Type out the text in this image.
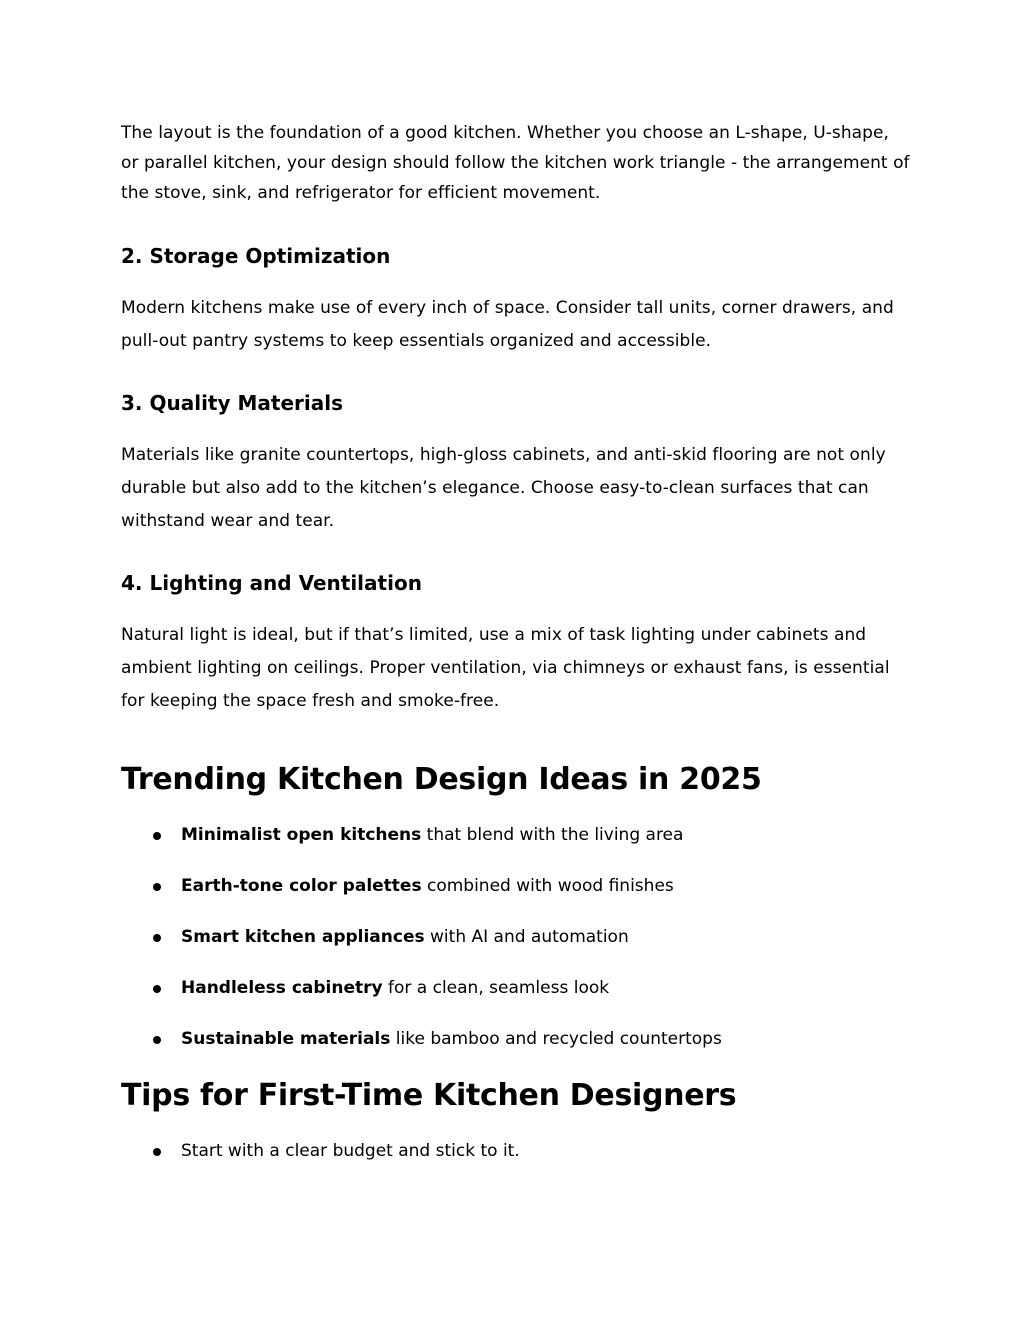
The layout is the foundation of a good kitchen. Whether you choose an L-shape, U-shape, or parallel kitchen, your design should follow the kitchen work triangle - the arrangement of the stove, sink, and refrigerator for efficient movement.

2. Storage Optimization

Modern kitchens make use of every inch of space. Consider tall units, corner drawers, and pull-out pantry systems to keep essentials organized and accessible.

3. Quality Materials

Materials like granite countertops, high-gloss cabinets, and anti-skid flooring are not only durable but also add to the kitchen’s elegance. Choose easy-to-clean surfaces that can withstand wear and tear.

4. Lighting and Ventilation

Natural light is ideal, but if that’s limited, use a mix of task lighting under cabinets and ambient lighting on ceilings. Proper ventilation, via chimneys or exhaust fans, is essential for keeping the space fresh and smoke-free.

Trending Kitchen Design Ideas in 2025
Minimalist open kitchens that blend with the living area
Earth-tone color palettes combined with wood finishes
Smart kitchen appliances with AI and automation
Handleless cabinetry for a clean, seamless look
Sustainable materials like bamboo and recycled countertops
Tips for First-Time Kitchen Designers
Start with a clear budget and stick to it.
